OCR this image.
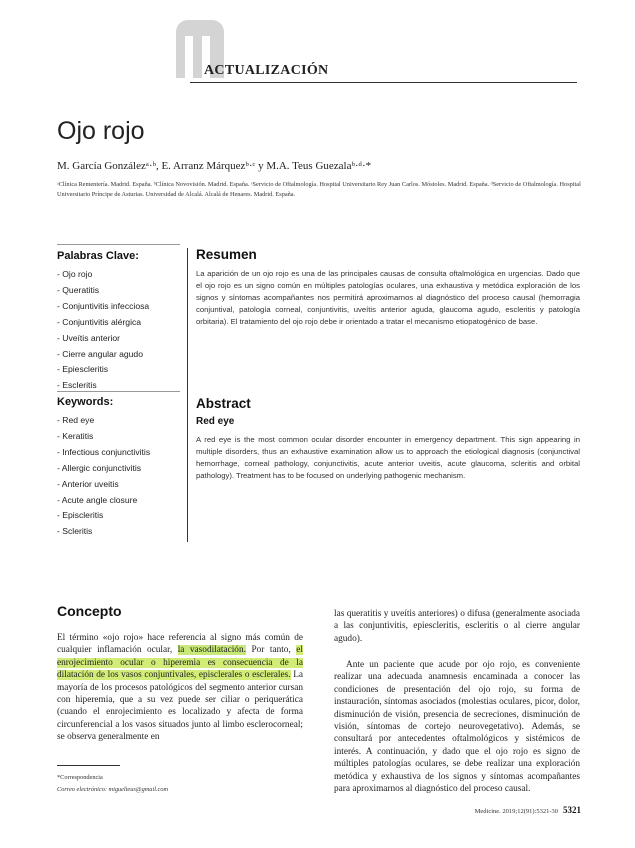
ACTUALIZACIÓN
Ojo rojo
M. García Gonzálezᵃ·ᵇ, E. Arranz Márquezᵇ·ᶜ y M.A. Teus Guezalaᵇ·ᵈ·*
ᵃClínica Rementería. Madrid. España. ᵇClínica Novovisión. Madrid. España. ᶜServicio de Oftalmología. Hospital Universitario Rey Juan Carlos. Móstoles. Madrid. España. ᵈServicio de Oftalmología. Hospital Universitario Príncipe de Asturias. Universidad de Alcalá. Alcalá de Henares. Madrid. España.
Palabras Clave:
- Ojo rojo
- Queratitis
- Conjuntivitis infecciosa
- Conjuntivitis alérgica
- Uveítis anterior
- Cierre angular agudo
- Epiescleritis
- Escleritis
Keywords:
- Red eye
- Keratitis
- Infectious conjunctivitis
- Allergic conjunctivitis
- Anterior uveitis
- Acute angle closure
- Episcleritis
- Scleritis
Resumen

La aparición de un ojo rojo es una de las principales causas de consulta oftalmológica en urgencias. Dado que el ojo rojo es un signo común en múltiples patologías oculares, una exhaustiva y metódica exploración de los signos y síntomas acompañantes nos permitirá aproximarnos al diagnóstico del proceso causal (hemorragia conjuntival, patología corneal, conjuntivitis, uveítis anterior aguda, glaucoma agudo, escleritis y patología orbitaria). El tratamiento del ojo rojo debe ir orientado a tratar el mecanismo etiopatogénico de base.

Abstract
Red eye

A red eye is the most common ocular disorder encounter in emergency department. This sign appearing in multiple disorders, thus an exhaustive examination allow us to approach the etiological diagnosis (conjunctival hemorrhage, corneal pathology, conjunctivitis, acute anterior uveitis, acute glaucoma, scleritis and orbital pathology). Treatment has to be focused on underlying pathogenic mechanism.

Concepto

El término «ojo rojo» hace referencia al signo más común de cualquier inflamación ocular, la vasodilatación. Por tanto, el enrojecimiento ocular o hiperemia es consecuencia de la dilatación de los vasos conjuntivales, episclerales o esclerales. La mayoría de los procesos patológicos del segmento anterior cursan con hiperemia, que a su vez puede ser ciliar o periquerática (cuando el enrojecimiento es localizado y afecta de forma circunferencial a los vasos situados junto al limbo esclerocorneal; se observa generalmente en

las queratitis y uveítis anteriores) o difusa (generalmente asociada a las conjuntivitis, epiescleritis, escleritis o al cierre angular agudo).

Ante un paciente que acude por ojo rojo, es conveniente realizar una adecuada anamnesis encaminada a conocer las condiciones de presentación del ojo rojo, su forma de instauración, síntomas asociados (molestias oculares, picor, dolor, disminución de visión, presencia de secreciones, disminución de visión, síntomas de cortejo neurovegetativo). Además, se consultará por antecedentes oftalmológicos y sistémicos de interés. A continuación, y dado que el ojo rojo es signo de múltiples patologías oculares, se debe realizar una exploración metódica y exhaustiva de los signos y síntomas acompañantes para aproximarnos al diagnóstico del proceso causal.

*Correspondencia
Correo electrónico: miguelteus@gmail.com
Medicine. 2019;12(91):5321-30 5321
